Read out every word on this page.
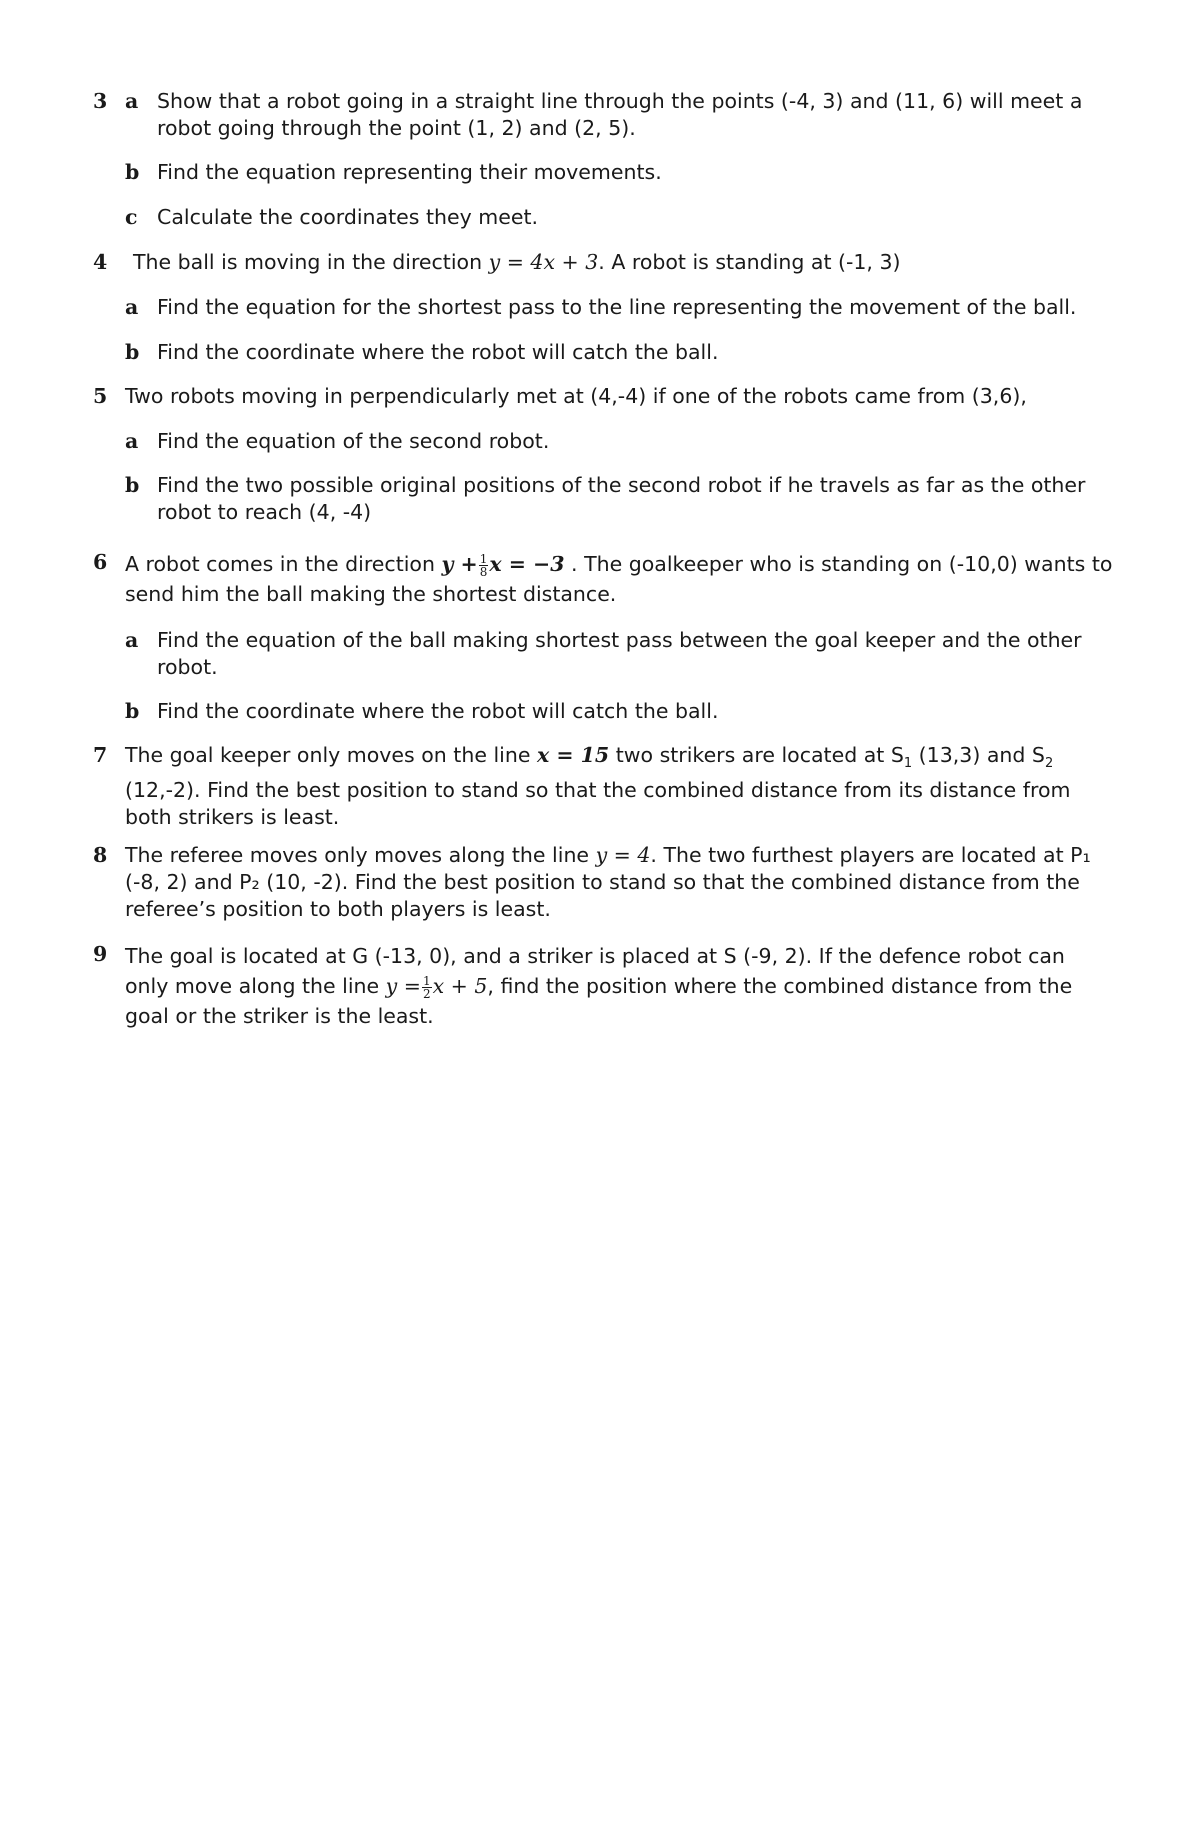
3 a Show that a robot going in a straight line through the points (-4, 3) and (11, 6) will meet a robot going through the point (1, 2) and (2, 5).
b Find the equation representing their movements.
c Calculate the coordinates they meet.
4 The ball is moving in the direction y = 4x + 3. A robot is standing at (-1, 3)
a Find the equation for the shortest pass to the line representing the movement of the ball.
b Find the coordinate where the robot will catch the ball.
5 Two robots moving in perpendicularly met at (4,-4) if one of the robots came from (3,6),
a Find the equation of the second robot.
b Find the two possible original positions of the second robot if he travels as far as the other robot to reach (4, -4)
6 A robot comes in the direction $y + \frac{1}{8}$ x = −3 . The goalkeeper who is standing on (-10,0) wants to send him the ball making the shortest distance.
a Find the equation of the ball making shortest pass between the goal keeper and the other robot.
b Find the coordinate where the robot will catch the ball.
7 The goal keeper only moves on the line x = 15 two strikers are located at $S_1$ (13,3) and $S_2$ (12,-2). Find the best position to stand so that the combined distance from its distance from both strikers is least.
8 The referee moves only moves along the line y = 4. The two furthest players are located at P₁ (-8, 2) and P₂ (10, -2). Find the best position to stand so that the combined distance from the referee’s position to both players is least.
9 The goal is located at G (-13, 0), and a striker is placed at S (-9, 2). If the defence robot can only move along the line $y = \frac{1}{2}$ x + 5, find the position where the combined distance from the goal or the striker is the least.
